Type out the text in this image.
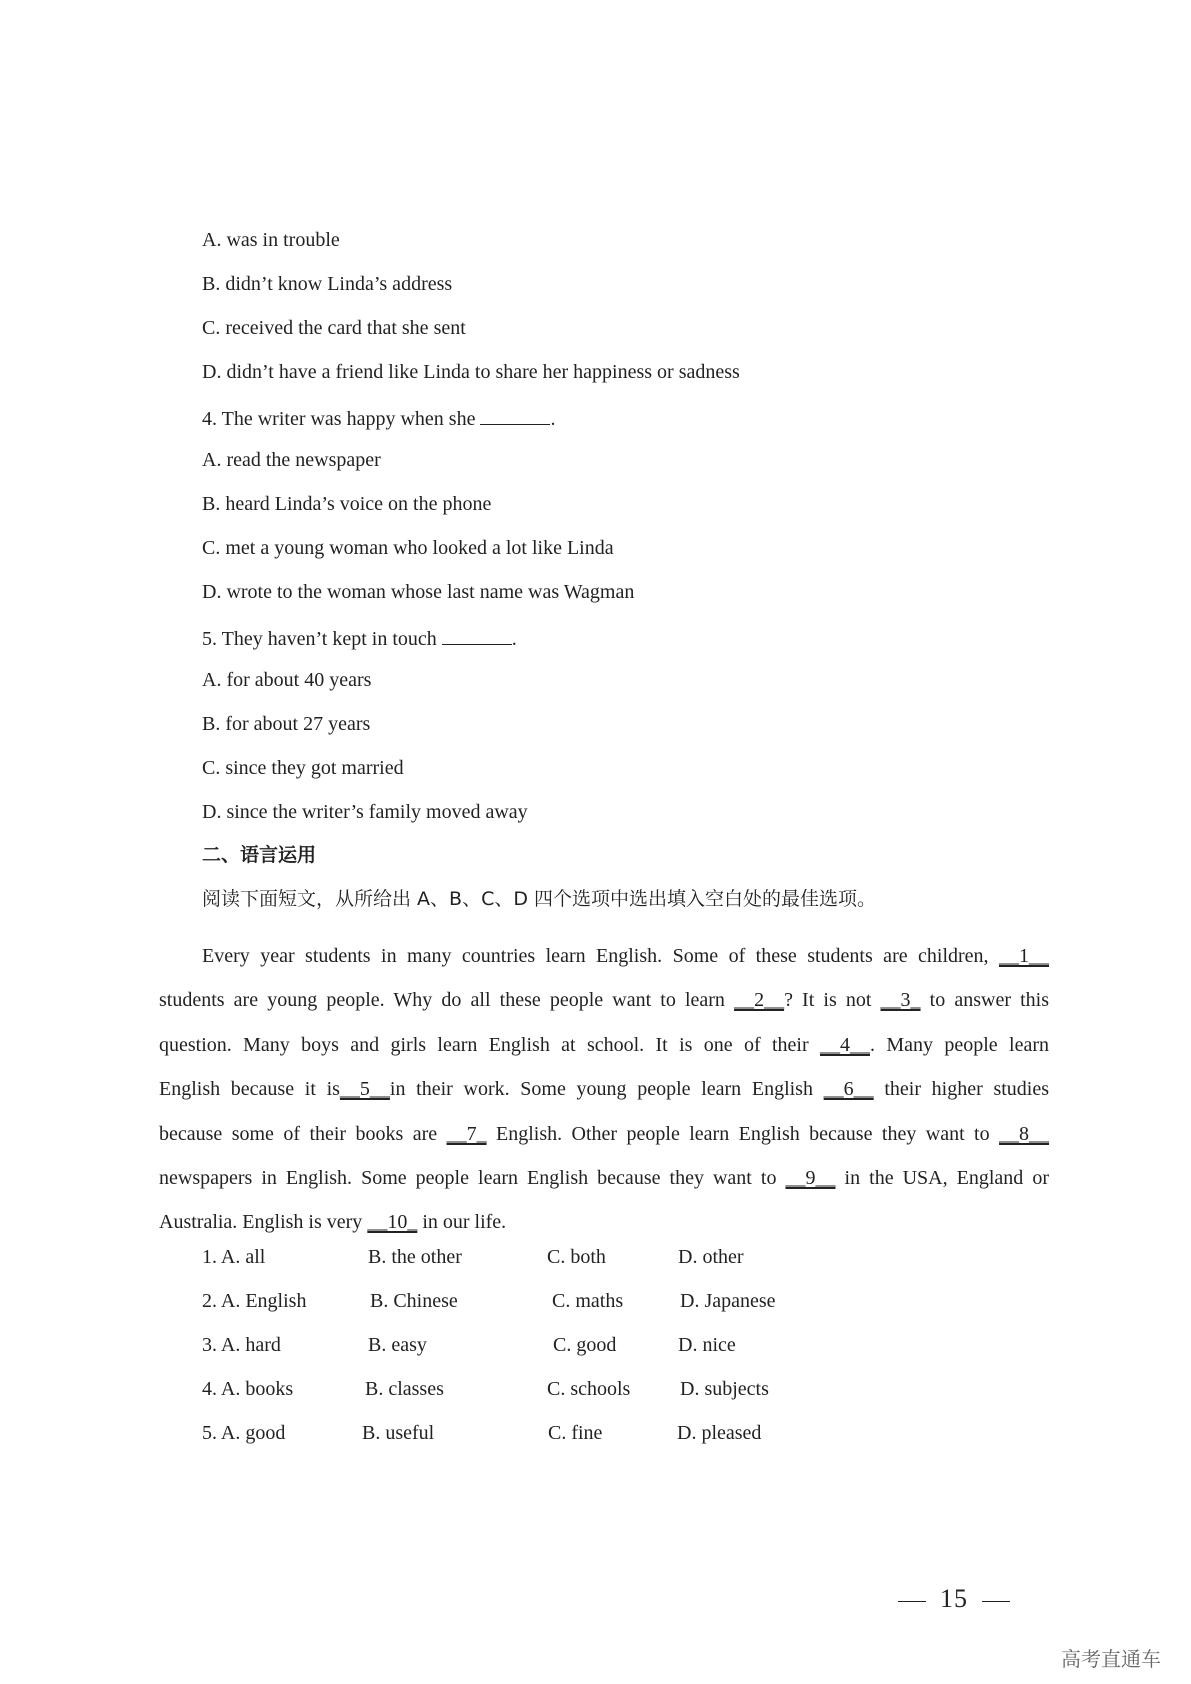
A. was in trouble
B. didn’t know Linda’s address
C. received the card that she sent
D. didn’t have a friend like Linda to share her happiness or sadness
4. The writer was happy when she	.
A. read the newspaper
B. heard Linda’s voice on the phone
C. met a young woman who looked a lot like Linda
D. wrote to the woman whose last name was Wagman
5. They haven’t kept in touch	.
A. for about 40 years
B. for about 27 years
C. since they got married
D. since the writer’s family moved away
二、语言运用
阅读下面短文，从所给出 A、B、C、D 四个选项中选出填入空白处的最佳选项。
Every year students in many countries learn English. Some of these students are children, __1__
students are young people. Why do all these people want to learn __2__? It is not __3_ to answer this
question. Many boys and girls learn English at school. It is one of their __4__. Many people learn
English because it is__5__in their work. Some young people learn English __6__ their higher studies
because some of their books are __7_ English. Other people learn English because they want to __8__
newspapers in English. Some people learn English because they want to __9__ in the USA, England or
Australia. English is very __10_ in our life.
1. A. all	B. the other	C. both	D. other
2. A. English	B. Chinese	C. maths	D. Japanese
3. A. hard	B. easy	C. good	D. nice
4. A. books	B. classes	C. schools D. subjects
5. A. good	B. useful	C. fine	D. pleased
15
高考直通车
